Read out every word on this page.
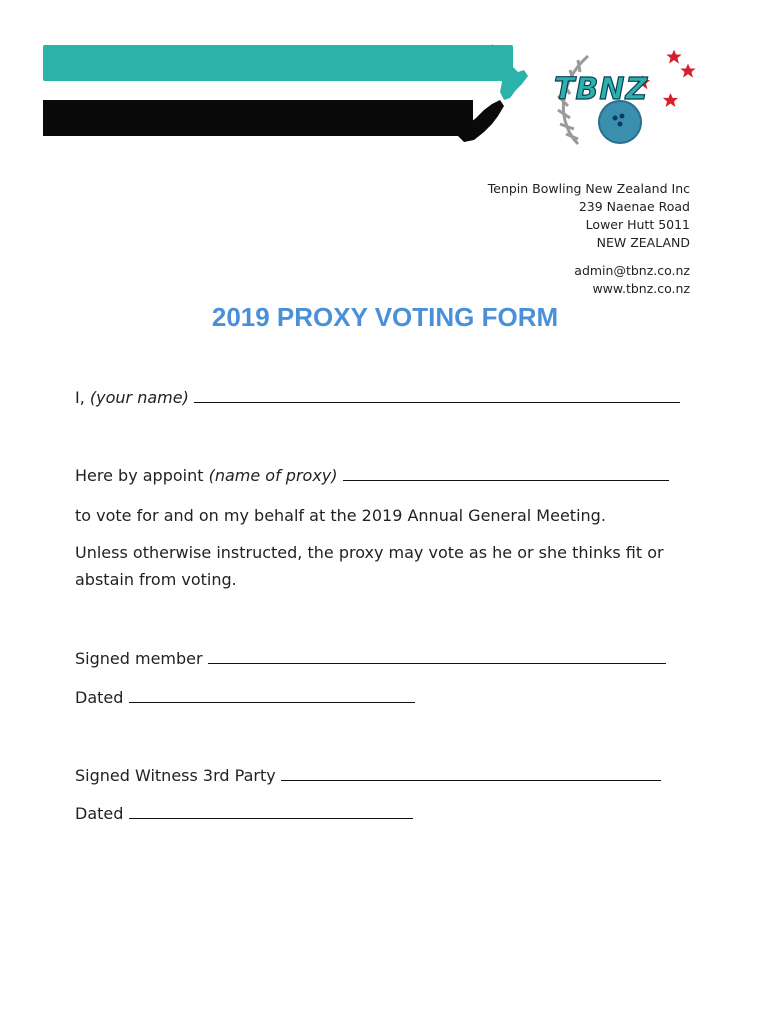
TBNZ
Tenpin Bowling New Zealand Inc
239 Naenae Road
Lower Hutt 5011
NEW ZEALAND
admin@tbnz.co.nz
www.tbnz.co.nz
2019 PROXY VOTING FORM
I, (your name)
Here by appoint (name of proxy)
to vote for and on my behalf at the 2019 Annual General Meeting.
Unless otherwise instructed, the proxy may vote as he or she thinks fit or
abstain from voting.
Signed member
Dated
Signed Witness 3rd Party
Dated
